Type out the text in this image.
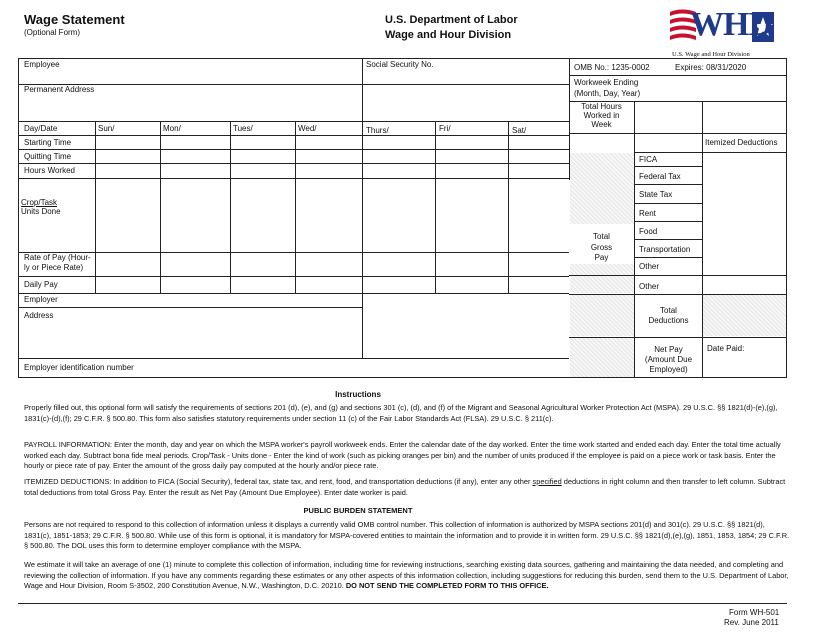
Wage Statement
(Optional Form)
U.S. Department of Labor
Wage and Hour Division	WHD
U.S. Wage and Hour Division
Employee	Social Security No.	OMB No.: 1235-0002	Expires: 08/31/2020
Permanent Address
Workweek Ending
(Month, Day, Year)
Total Hours
Worked in
Week
Day/Date	Sun/	Mon/	Tues/	Wed/	Thurs/	Fri/	Sat/
Starting Time
Quitting Time
Hours Worked
Crop/Task
Units Done
Rate of Pay (Hour-
ly or Piece Rate)
Daily Pay
Employer
Address
Employer identification number
Itemized Deductions
Total
Gross
Pay
FICA
Federal Tax
State Tax
Rent
Food
Transportation
Other
Other
Total
Deductions
Net Pay
(Amount Due
Employed)
Date Paid:
Instructions
Properly filled out, this optional form will satisfy the requirements of sections 201 (d), (e), and (g) and sections 301 (c), (d), and (f) of the Migrant and Seasonal Agricultural Worker Protection Act (MSPA). 29 U.S.C. §§ 1821(d)-(e),(g), 1831(c)-(d),(f); 29 C.F.R. § 500.80. This form also satisfies statutory requirements under section 11 (c) of the Fair Labor Standards Act (FLSA). 29 U.S.C. § 211(c).
PAYROLL INFORMATION: Enter the month, day and year on which the MSPA worker's payroll workweek ends. Enter the calendar date of the day worked. Enter the time work started and ended each day. Enter the total time actually worked each day. Subtract bona fide meal periods. Crop/Task - Units done - Enter the kind of work (such as picking oranges per bin) and the number of units produced if the employee is paid on a piece work or task basis. Enter the hourly or piece rate of pay. Enter the amount of the gross daily pay computed at the hourly and/or piece rate.
ITEMIZED DEDUCTIONS: In addition to FICA (Social Security), federal tax, state tax, and rent, food, and transportation deductions (if any), enter any other specified deductions in right column and then transfer to left column. Subtract total deductions from total Gross Pay. Enter the result as Net Pay (Amount Due Employee). Enter date worker is paid.
PUBLIC BURDEN STATEMENT
Persons are not required to respond to this collection of information unless it displays a currently valid OMB control number. This collection of information is authorized by MSPA sections 201(d) and 301(c). 29 U.S.C. §§ 1821(d), 1831(c), 1851-1853; 29 C.F.R. § 500.80. While use of this form is optional, it is mandatory for MSPA-covered entities to maintain the information and to provide it in written form. 29 U.S.C. §§ 1821(d),(e),(g), 1851, 1853, 1854; 29 C.F.R. § 500.80. The DOL uses this form to determine employer compliance with the MSPA.
We estimate it will take an average of one (1) minute to complete this collection of information, including time for reviewing instructions, searching existing data sources, gathering and maintaining the data needed, and completing and reviewing the collection of information. If you have any comments regarding these estimates or any other aspects of this information collection, including suggestions for reducing this burden, send them to the U.S. Department of Labor, Wage and Hour Division, Room S-3502, 200 Constitution Avenue, N.W., Washington, D.C. 20210. DO NOT SEND THE COMPLETED FORM TO THIS OFFICE.
Form WH-501
Rev. June 2011
